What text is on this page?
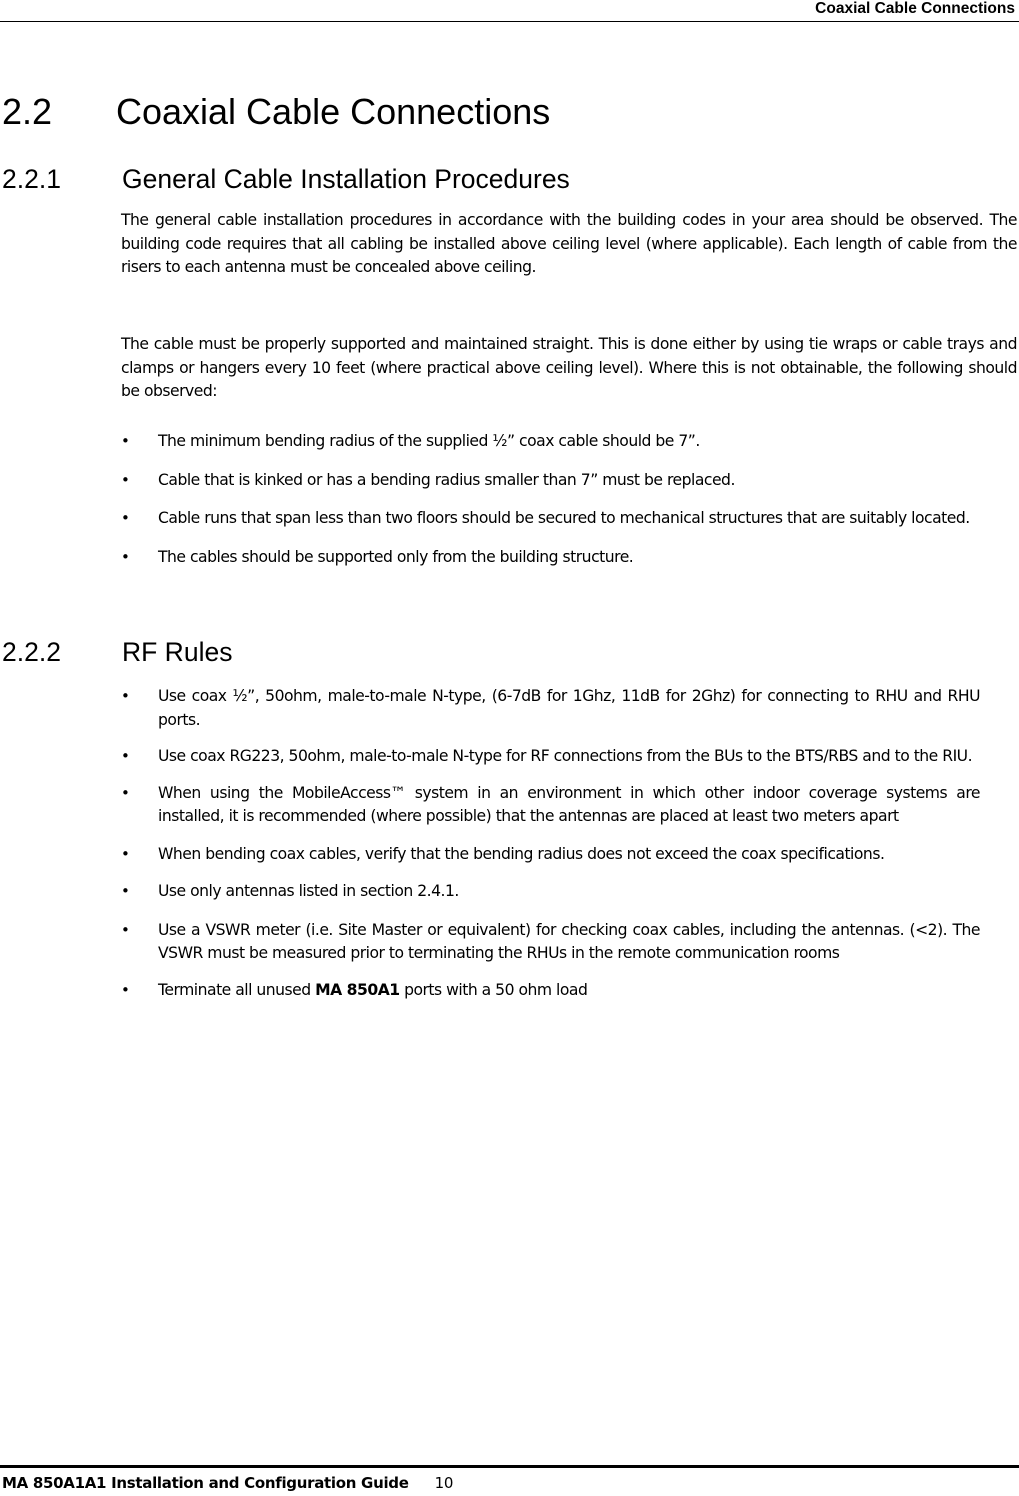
Coaxial Cable Connections
2.2 Coaxial Cable Connections
2.2.1 General Cable Installation Procedures

The general cable installation procedures in accordance with the building codes in your area should be observed. The building code requires that all cabling be installed above ceiling level (where applicable). Each length of cable from the risers to each antenna must be concealed above ceiling.

The cable must be properly supported and maintained straight. This is done either by using tie wraps or cable trays and clamps or hangers every 10 feet (where practical above ceiling level). Where this is not obtainable, the following should be observed:

• The minimum bending radius of the supplied ½” coax cable should be 7”.
• Cable that is kinked or has a bending radius smaller than 7” must be replaced.
• Cable runs that span less than two floors should be secured to mechanical structures that are suitably located.
• The cables should be supported only from the building structure.
2.2.2 RF Rules
• Use coax ½”, 50ohm, male-to-male N-type, (6-7dB for 1Ghz, 11dB for 2Ghz) for connecting to RHU and RHU ports.
• Use coax RG223, 50ohm, male-to-male N-type for RF connections from the BUs to the BTS/RBS and to the RIU.
• When using the MobileAccess™ system in an environment in which other indoor coverage systems are installed, it is recommended (where possible) that the antennas are placed at least two meters apart
• When bending coax cables, verify that the bending radius does not exceed the coax specifications.
• Use only antennas listed in section 2.4.1.
• Use a VSWR meter (i.e. Site Master or equivalent) for checking coax cables, including the antennas. (<2). The VSWR must be measured prior to terminating the RHUs in the remote communication rooms
• Terminate all unused MA 850A1 ports with a 50 ohm load
MA 850A1A1 Installation and Configuration Guide 10
